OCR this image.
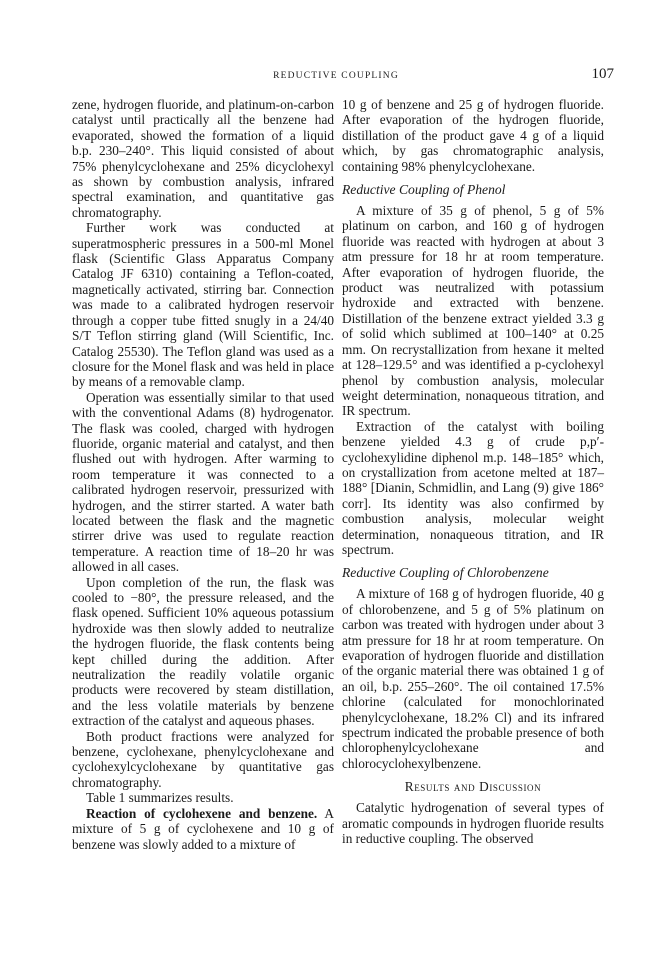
REDUCTIVE COUPLING	107

zene, hydrogen fluoride, and platinum-on-carbon catalyst until practically all the benzene had evaporated, showed the formation of a liquid b.p. 230–240°. This liquid consisted of about 75% phenylcyclohexane and 25% dicyclohexyl as shown by combustion analysis, infrared spectral examination, and quantitative gas chromatography.

Further work was conducted at superatmospheric pressures in a 500-ml Monel flask (Scientific Glass Apparatus Company Catalog JF 6310) containing a Teflon-coated, magnetically activated, stirring bar. Connection was made to a calibrated hydrogen reservoir through a copper tube fitted snugly in a 24/40 S/T Teflon stirring gland (Will Scientific, Inc. Catalog 25530). The Teflon gland was used as a closure for the Monel flask and was held in place by means of a removable clamp.

Operation was essentially similar to that used with the conventional Adams (8) hydrogenator. The flask was cooled, charged with hydrogen fluoride, organic material and catalyst, and then flushed out with hydrogen. After warming to room temperature it was connected to a calibrated hydrogen reservoir, pressurized with hydrogen, and the stirrer started. A water bath located between the flask and the magnetic stirrer drive was used to regulate reaction temperature. A reaction time of 18–20 hr was allowed in all cases.

Upon completion of the run, the flask was cooled to −80°, the pressure released, and the flask opened. Sufficient 10% aqueous potassium hydroxide was then slowly added to neutralize the hydrogen fluoride, the flask contents being kept chilled during the addition. After neutralization the readily volatile organic products were recovered by steam distillation, and the less volatile materials by benzene extraction of the catalyst and aqueous phases.

Both product fractions were analyzed for benzene, cyclohexane, phenylcyclohexane and cyclohexylcyclohexane by quantitative gas chromatography.

Table 1 summarizes results.

Reaction of cyclohexene and benzene. A mixture of 5 g of cyclohexene and 10 g of benzene was slowly added to a mixture of

10 g of benzene and 25 g of hydrogen fluoride. After evaporation of the hydrogen fluoride, distillation of the product gave 4 g of a liquid which, by gas chromatographic analysis, containing 98% phenylcyclohexane.

Reductive Coupling of Phenol

A mixture of 35 g of phenol, 5 g of 5% platinum on carbon, and 160 g of hydrogen fluoride was reacted with hydrogen at about 3 atm pressure for 18 hr at room temperature. After evaporation of hydrogen fluoride, the product was neutralized with potassium hydroxide and extracted with benzene. Distillation of the benzene extract yielded 3.3 g of solid which sublimed at 100–140° at 0.25 mm. On recrystallization from hexane it melted at 128–129.5° and was identified a p-cyclohexyl phenol by combustion analysis, molecular weight determination, nonaqueous titration, and IR spectrum.

Extraction of the catalyst with boiling benzene yielded 4.3 g of crude p,p′-cyclohexylidine diphenol m.p. 148–185° which, on crystallization from acetone melted at 187–188° [Dianin, Schmidlin, and Lang (9) give 186° corr]. Its identity was also confirmed by combustion analysis, molecular weight determination, nonaqueous titration, and IR spectrum.

Reductive Coupling of Chlorobenzene

A mixture of 168 g of hydrogen fluoride, 40 g of chlorobenzene, and 5 g of 5% platinum on carbon was treated with hydrogen under about 3 atm pressure for 18 hr at room temperature. On evaporation of hydrogen fluoride and distillation of the organic material there was obtained 1 g of an oil, b.p. 255–260°. The oil contained 17.5% chlorine (calculated for monochlorinated phenylcyclohexane, 18.2% Cl) and its infrared spectrum indicated the probable presence of both chlorophenylcyclohexane and chlorocyclohexylbenzene.

Results and Discussion

Catalytic hydrogenation of several types of aromatic compounds in hydrogen fluoride results in reductive coupling. The observed
